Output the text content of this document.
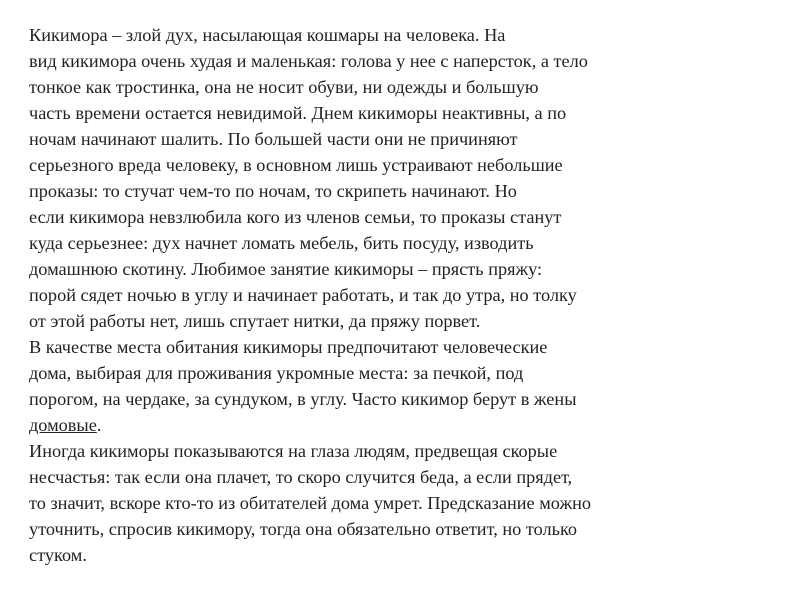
Кикимора – злой дух, насылающая кошмары на человека. На
вид кикимора очень худая и маленькая: голова у нее с наперсток, а тело
тонкое как тростинка, она не носит обуви, ни одежды и большую
часть времени остается невидимой. Днем кикиморы неактивны, а по
ночам начинают шалить. По большей части они не причиняют
серьезного вреда человеку, в основном лишь устраивают небольшие
проказы: то стучат чем-то по ночам, то скрипеть начинают. Но
если кикимора невзлюбила кого из членов семьи, то проказы станут
куда серьезнее: дух начнет ломать мебель, бить посуду, изводить
домашнюю скотину. Любимое занятие кикиморы – прясть пряжу:
порой сядет ночью в углу и начинает работать, и так до утра, но толку
от этой работы нет, лишь спутает нитки, да пряжу порвет.
В качестве места обитания кикиморы предпочитают человеческие
дома, выбирая для проживания укромные места: за печкой, под
порогом, на чердаке, за сундуком, в углу. Часто кикимор берут в жены
домовые.
Иногда кикиморы показываются на глаза людям, предвещая скорые
несчастья: так если она плачет, то скоро случится беда, а если прядет,
то значит, вскоре кто-то из обитателей дома умрет. Предсказание можно
уточнить, спросив кикимору, тогда она обязательно ответит, но только
стуком.
